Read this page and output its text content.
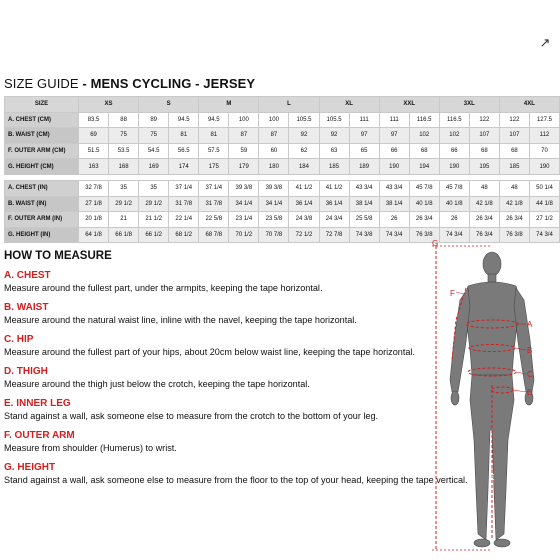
↗
SIZE GUIDE - MENS CYCLING - JERSEY
SIZE	XS		S		M		L		XL		XXL		3XL		4XL	
A. CHEST (CM)	83.5	88	89	94.5	94.5	100	100	105.5	105.5	111	111	116.5	116.5	122	122	127.5
B. WAIST (CM)	69	75	75	81	81	87	87	92	92	97	97	102	102	107	107	112
F. OUTER ARM (CM)	51.5	53.5	54.5	56.5	57.5	59	60	62	63	65	66	68	66	68	68	70
G. HEIGHT (CM)	163	168	169	174	175	179	180	184	185	189	190	194	190	195	185	190

A. CHEST (IN)	32 7/8	35	35	37 1/4	37 1/4	39 3/8	39 3/8	41 1/2	41 1/2	43 3/4	43 3/4	45 7/8	45 7/8	48	48	50 1/4
B. WAIST (IN)	27 1/8	29 1/2	29 1/2	31 7/8	31 7/8	34 1/4	34 1/4	36 1/4	36 1/4	38 1/4	38 1/4	40 1/8	40 1/8	42 1/8	42 1/8	44 1/8
F. OUTER ARM (IN)	20 1/8	21	21 1/2	22 1/4	22 5/8	23 1/4	23 5/8	24 3/8	24 3/4	25 5/8	26	26 3/4	26	26 3/4	26 3/4	27 1/2
G. HEIGHT (IN)	64 1/8	66 1/8	66 1/2	68 1/2	68 7/8	70 1/2	70 7/8	72 1/2	72 7/8	74 3/8	74 3/4	76 3/8	74 3/4	76 3/4	76 3/8	74 3/4
HOW TO MEASURE
A. CHEST
Measure around the fullest part, under the armpits, keeping the tape horizontal.
B. WAIST
Measure around the natural waist line, inline with the navel, keeping the tape horizontal.
C. HIP
Measure around the fullest part of your hips, about 20cm below waist line, keeping the tape horizontal.
D. THIGH
Measure around the thigh just below the crotch, keeping the tape horizontal.
E. INNER LEG
Stand against a wall, ask someone else to measure from the crotch to the bottom of your leg.
F. OUTER ARM
Measure from shoulder (Humerus) to wrist.
G. HEIGHT
Stand against a wall, ask someone else to measure from the floor to the top of your head, keeping the tape vertical.
G
A
B
C
D
E
F
